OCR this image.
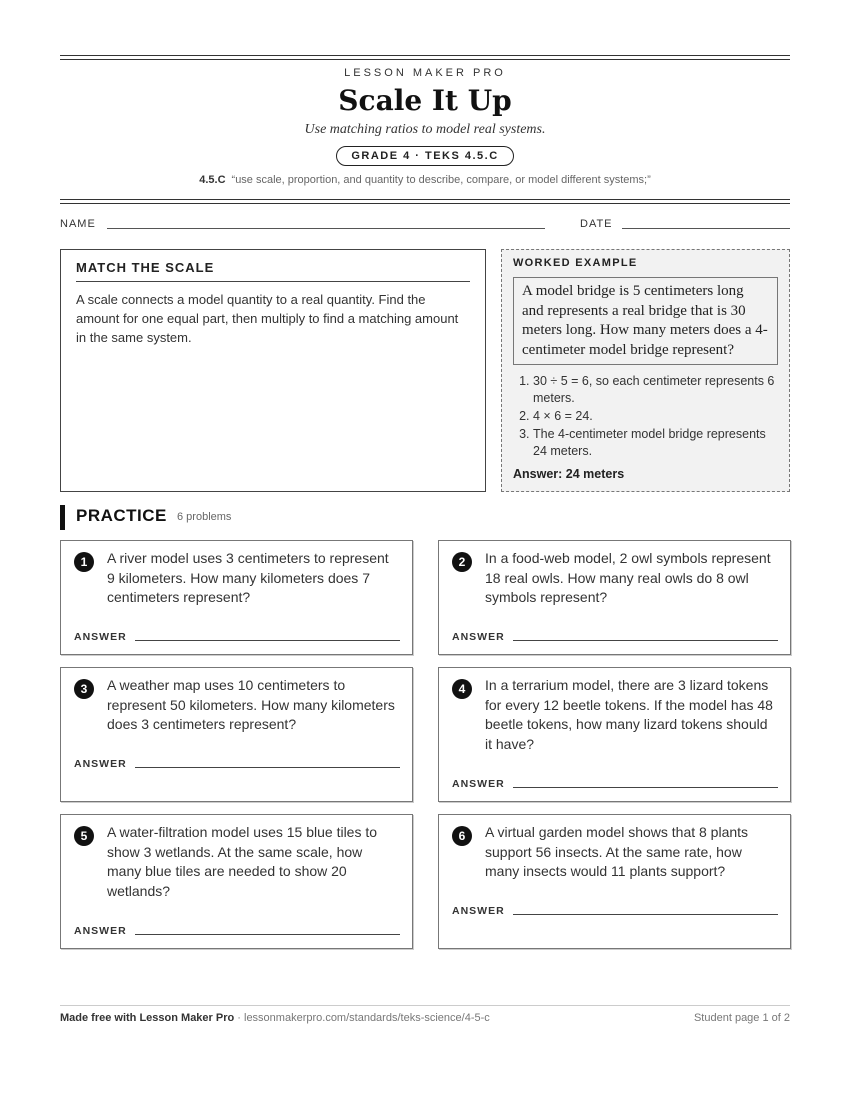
LESSON MAKER PRO
Scale It Up
Use matching ratios to model real systems.
GRADE 4 · TEKS 4.5.C
4.5.C “use scale, proportion, and quantity to describe, compare, or model different systems;”
NAME	DATE
MATCH THE SCALE
A scale connects a model quantity to a real quantity. Find the amount for one equal part, then multiply to find a matching amount in the same system.
WORKED EXAMPLE
A model bridge is 5 centimeters long and represents a real bridge that is 30 meters long. How many meters does a 4-centimeter model bridge represent?
1. 30 ÷ 5 = 6, so each centimeter represents 6 meters.
2. 4 × 6 = 24.
3. The 4-centimeter model bridge represents 24 meters.
Answer: 24 meters
PRACTICE 6 problems
1	A river model uses 3 centimeters to represent 9 kilometers. How many kilometers does 7 centimeters represent?
ANSWER
2	In a food-web model, 2 owl symbols represent 18 real owls. How many real owls do 8 owl symbols represent?
ANSWER
3	A weather map uses 10 centimeters to represent 50 kilometers. How many kilometers does 3 centimeters represent?
ANSWER
4	In a terrarium model, there are 3 lizard tokens for every 12 beetle tokens. If the model has 48 beetle tokens, how many lizard tokens should it have?
ANSWER
5	A water-filtration model uses 15 blue tiles to show 3 wetlands. At the same scale, how many blue tiles are needed to show 20 wetlands?
ANSWER
6	A virtual garden model shows that 8 plants support 56 insects. At the same rate, how many insects would 11 plants support?
ANSWER
Made free with Lesson Maker Pro · lessonmakerpro.com/standards/teks-science/4-5-c	Student page 1 of 2
